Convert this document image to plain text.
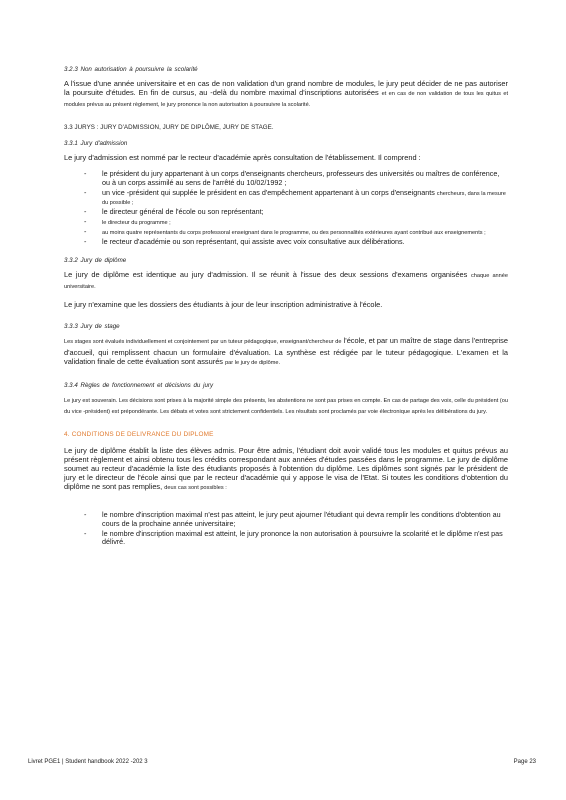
3.2.3 Non autorisation à poursuivre la scolarité

A l'issue d'une année universitaire et en cas de non validation d'un grand nombre de modules, le jury peut décider de ne pas autoriser la poursuite d'études. En fin de cursus, au -delà du nombre maximal d'inscriptions autorisées et en cas de non validation de tous les quitus et modules prévus au présent règlement, le jury prononce la non autorisation à poursuivre la scolarité.

3.3 JURYS : JURY D'ADMISSION, JURY DE DIPLÔME, JURY DE STAGE.
3.3.1 Jury d'admission

Le jury d'admission est nommé par le recteur d'académie après consultation de l'établissement. Il comprend :

- le président du jury appartenant à un corps d'enseignants chercheurs, professeurs des universités ou maîtres de conférence, ou à un corps assimilé au sens de l'arrêté du 10/02/1992 ;
- un vice -président qui supplée le président en cas d'empêchement appartenant à un corps d'enseignants chercheurs, dans la mesure du possible ;
- le directeur général de l'école ou son représentant;
- le directeur du programme ;
- au moins quatre représentants du corps professoral enseignant dans le programme, ou des personnalités extérieures ayant contribué aux enseignements ;
- le recteur d'académie ou son représentant, qui assiste avec voix consultative aux délibérations.
3.3.2 Jury de diplôme

Le jury de diplôme est identique au jury d'admission. Il se réunit à l'issue des deux sessions d'examens organisées chaque année universitaire.

Le jury n'examine que les dossiers des étudiants à jour de leur inscription administrative à l'école.

3.3.3 Jury de stage

Les stages sont évalués individuellement et conjointement par un tuteur pédagogique, enseignant/chercheur de l'école, et par un maître de stage dans l'entreprise d'accueil, qui remplissent chacun un formulaire d'évaluation. La synthèse est rédigée par le tuteur pédagogique. L'examen et la validation finale de cette évaluation sont assurés par le jury de diplôme.

3.3.4 Règles de fonctionnement et décisions du jury

Le jury est souverain. Les décisions sont prises à la majorité simple des présents, les abstentions ne sont pas prises en compte. En cas de partage des voix, celle du président (ou du vice -président) est prépondérante. Les débats et votes sont strictement confidentiels. Les résultats sont proclamés par voie électronique après les délibérations du jury.

4. CONDITIONS DE DELIVRANCE DU DIPLOME

Le jury de diplôme établit la liste des élèves admis. Pour être admis, l'étudiant doit avoir validé tous les modules et quitus prévus au présent règlement et ainsi obtenu tous les crédits correspondant aux années d'études passées dans le programme. Le jury de diplôme soumet au recteur d'académie la liste des étudiants proposés à l'obtention du diplôme. Les diplômes sont signés par le président de jury et le directeur de l'école ainsi que par le recteur d'académie qui y appose le visa de l'Etat. Si toutes les conditions d'obtention du diplôme ne sont pas remplies, deux cas sont possibles :

- le nombre d'inscription maximal n'est pas atteint, le jury peut ajourner l'étudiant qui devra remplir les conditions d'obtention au cours de la prochaine année universitaire;
- le nombre d'inscription maximal est atteint, le jury prononce la non autorisation à poursuivre la scolarité et le diplôme n'est pas délivré.
Livret PGE1 | Student handbook 2022 -202 3	Page 23
